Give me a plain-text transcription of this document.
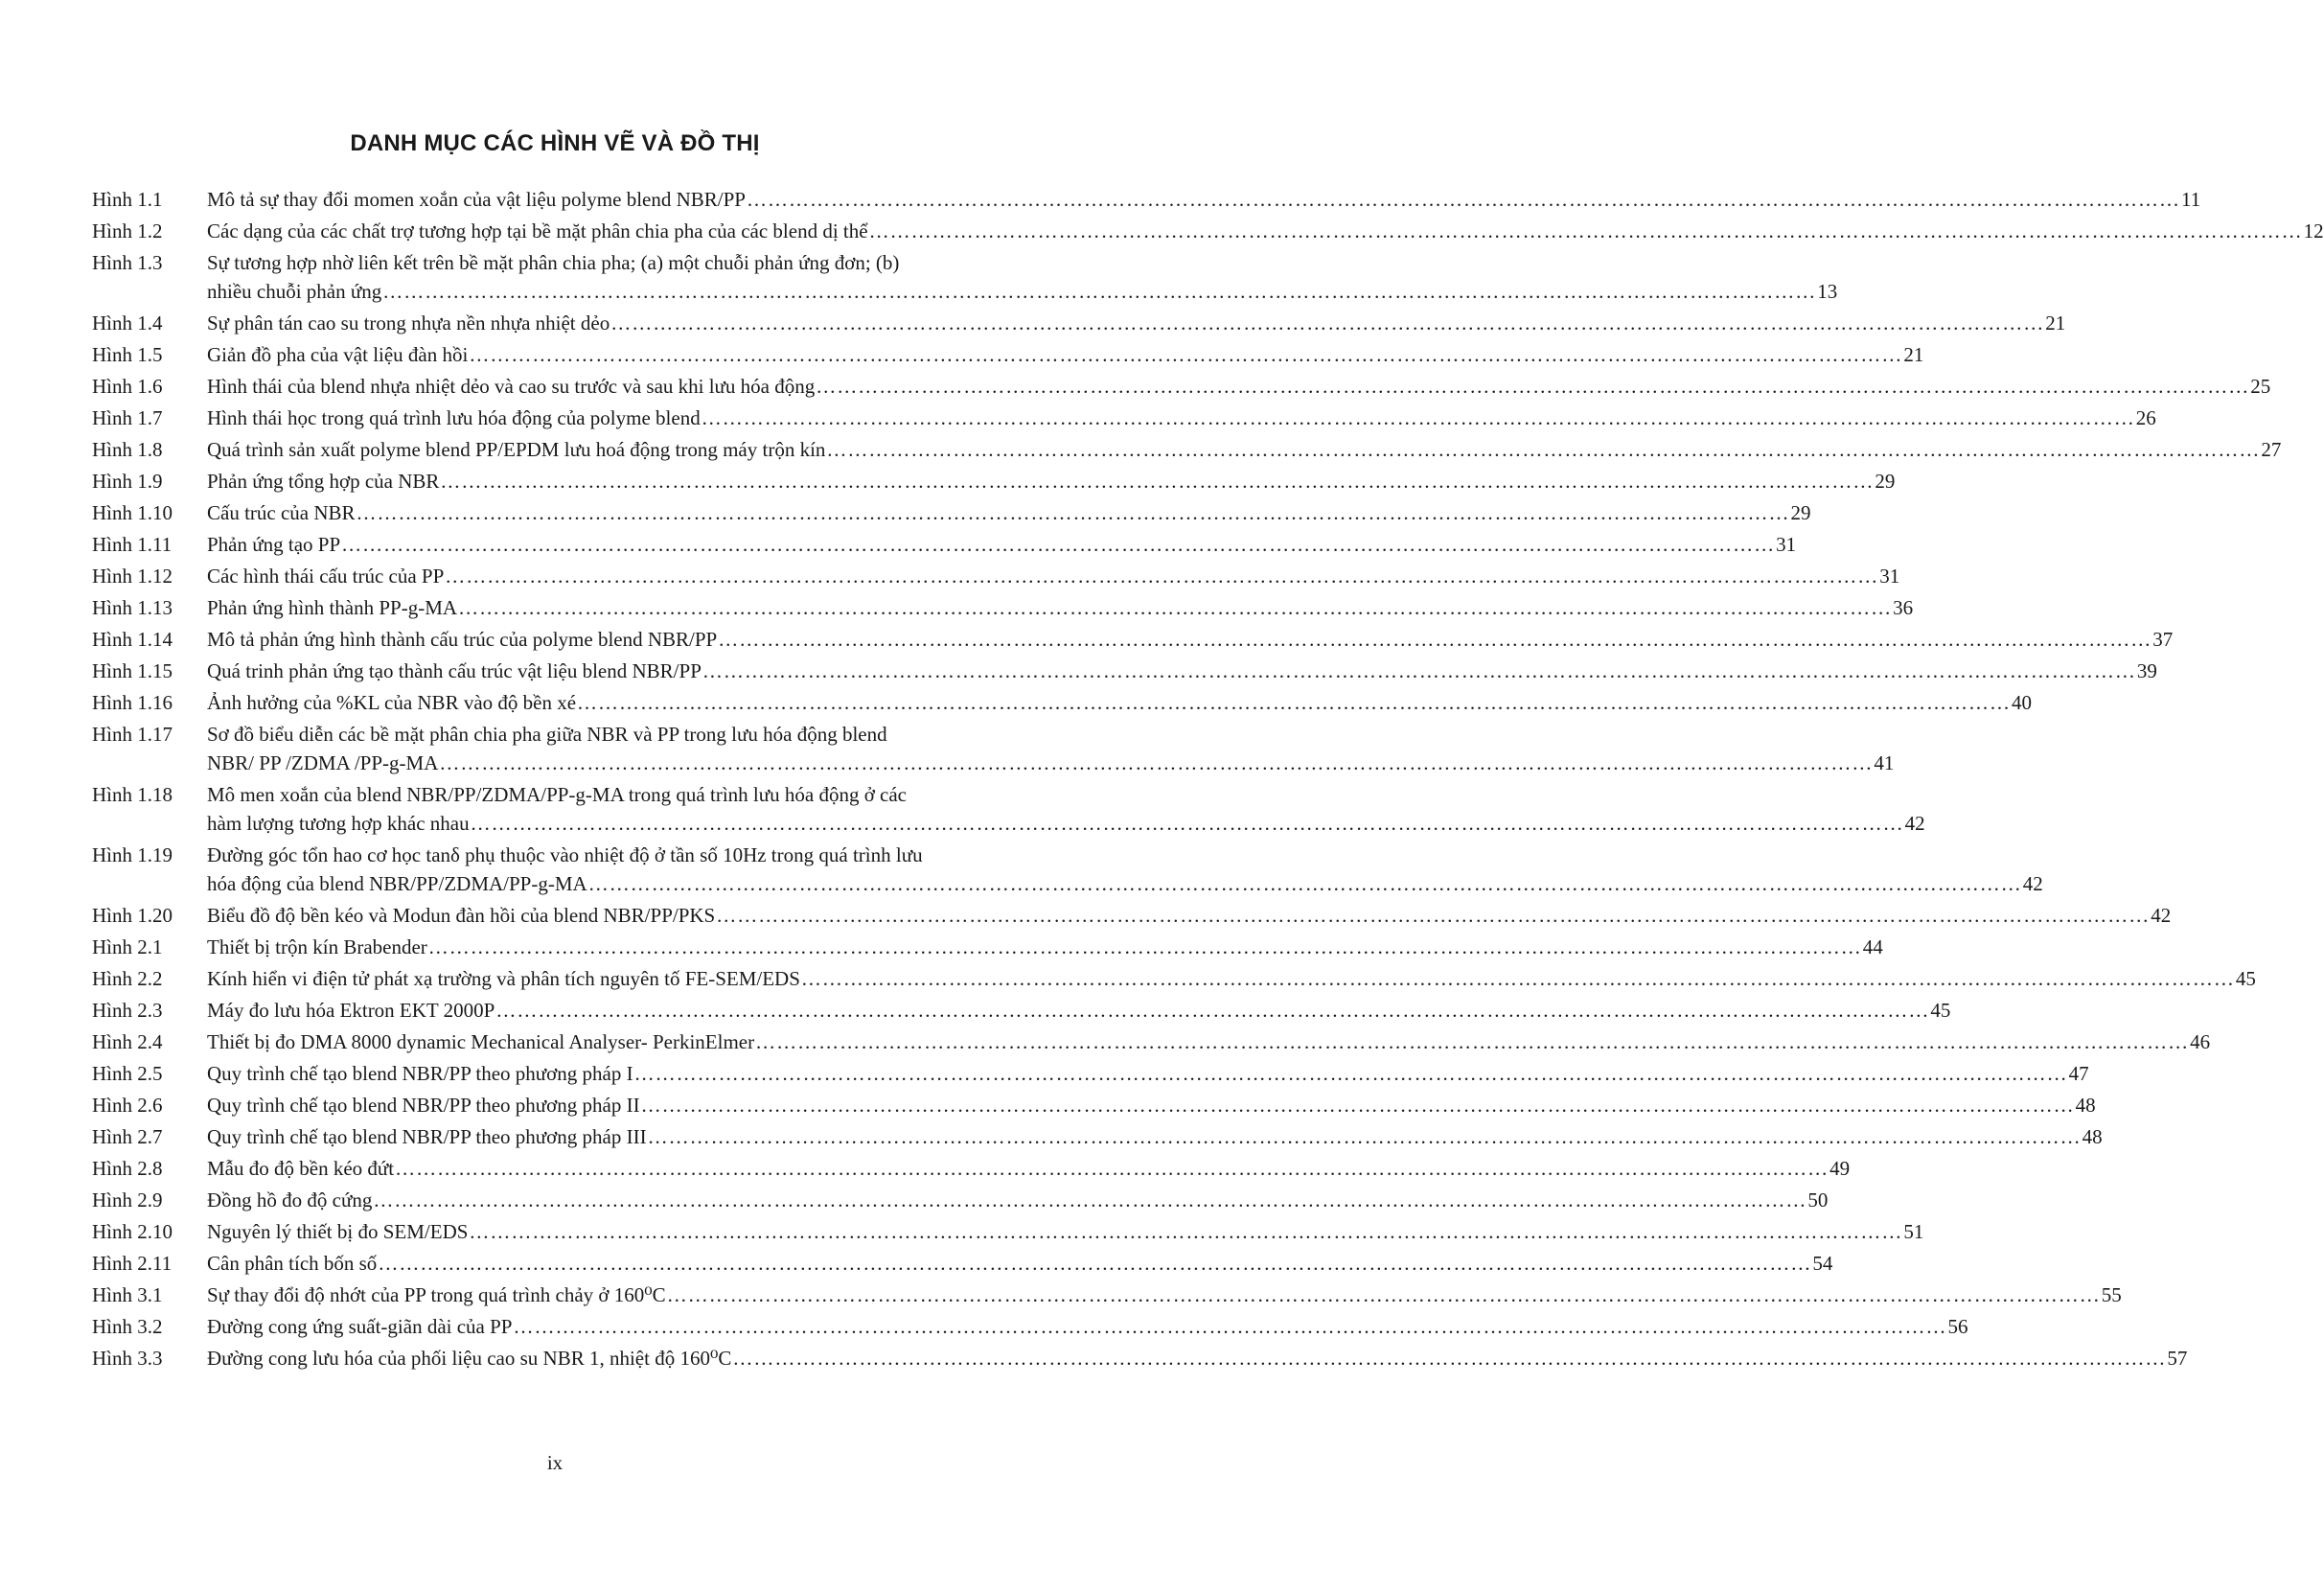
DANH MỤC CÁC HÌNH VẼ VÀ ĐỒ THỊ
Hình 1.1	Mô tả sự thay đổi momen xoắn của vật liệu polyme blend NBR/PP ……………………………………………………………………………………………………………………………………………………………………………………	11
Hình 1.2	Các dạng của các chất trợ tương hợp tại bề mặt phân chia pha của các blend dị thể ……………………………………………………………………………………………………………………………………………………………………………………	12
Hình 1.3	Sự tương hợp nhờ liên kết trên bề mặt phân chia pha; (a) một chuỗi phản ứng đơn; (b)
nhiều chuỗi phản ứng ……………………………………………………………………………………………………………………………………………………………………………………	13
Hình 1.4	Sự phân tán cao su trong nhựa nền nhựa nhiệt dẻo ……………………………………………………………………………………………………………………………………………………………………………………	21
Hình 1.5	Giản đồ pha của vật liệu đàn hồi ……………………………………………………………………………………………………………………………………………………………………………………	21
Hình 1.6	Hình thái của blend nhựa nhiệt dẻo và cao su trước và sau khi lưu hóa động ……………………………………………………………………………………………………………………………………………………………………………………	25
Hình 1.7	Hình thái học trong quá trình lưu hóa động của polyme blend ……………………………………………………………………………………………………………………………………………………………………………………	26
Hình 1.8	Quá trình sản xuất polyme blend PP/EPDM lưu hoá động trong máy trộn kín ……………………………………………………………………………………………………………………………………………………………………………………	27
Hình 1.9	Phản ứng tổng hợp của NBR ……………………………………………………………………………………………………………………………………………………………………………………	29
Hình 1.10	Cấu trúc của NBR ……………………………………………………………………………………………………………………………………………………………………………………	29
Hình 1.11	Phản ứng tạo PP ……………………………………………………………………………………………………………………………………………………………………………………	31
Hình 1.12	Các hình thái cấu trúc của PP ……………………………………………………………………………………………………………………………………………………………………………………	31
Hình 1.13	Phản ứng hình thành PP-g-MA ……………………………………………………………………………………………………………………………………………………………………………………	36
Hình 1.14	Mô tả phản ứng hình thành cấu trúc của polyme blend NBR/PP ……………………………………………………………………………………………………………………………………………………………………………………	37
Hình 1.15	Quá trinh phản ứng tạo thành cấu trúc vật liệu blend NBR/PP ……………………………………………………………………………………………………………………………………………………………………………………	39
Hình 1.16	Ảnh hưởng của %KL của NBR vào độ bền xé ……………………………………………………………………………………………………………………………………………………………………………………	40
Hình 1.17	Sơ đồ biểu diễn các bề mặt phân chia pha giữa NBR và PP trong lưu hóa động blend
NBR/ PP /ZDMA /PP-g-MA ……………………………………………………………………………………………………………………………………………………………………………………	41
Hình 1.18	Mô men xoắn của blend NBR/PP/ZDMA/PP-g-MA trong quá trình lưu hóa động ở các
hàm lượng tương hợp khác nhau ……………………………………………………………………………………………………………………………………………………………………………………	42
Hình 1.19	Đường góc tổn hao cơ học tanδ phụ thuộc vào nhiệt độ ở tần số 10Hz trong quá trình lưu
hóa động của blend NBR/PP/ZDMA/PP-g-MA ……………………………………………………………………………………………………………………………………………………………………………………	42
Hình 1.20	Biểu đồ độ bền kéo và Modun đàn hồi của blend NBR/PP/PKS ……………………………………………………………………………………………………………………………………………………………………………………	42
Hình 2.1	Thiết bị trộn kín Brabender ……………………………………………………………………………………………………………………………………………………………………………………	44
Hình 2.2	Kính hiển vi điện tử phát xạ trường và phân tích nguyên tố FE-SEM/EDS ……………………………………………………………………………………………………………………………………………………………………………………	45
Hình 2.3	Máy đo lưu hóa Ektron EKT 2000P ……………………………………………………………………………………………………………………………………………………………………………………	45
Hình 2.4	Thiết bị đo DMA 8000 dynamic Mechanical Analyser- PerkinElmer ……………………………………………………………………………………………………………………………………………………………………………………	46
Hình 2.5	Quy trình chế tạo blend NBR/PP theo phương pháp I ……………………………………………………………………………………………………………………………………………………………………………………	47
Hình 2.6	Quy trình chế tạo blend NBR/PP theo phương pháp II ……………………………………………………………………………………………………………………………………………………………………………………	48
Hình 2.7	Quy trình chế tạo blend NBR/PP theo phương pháp III ……………………………………………………………………………………………………………………………………………………………………………………	48
Hình 2.8	Mẫu đo độ bền kéo đứt ……………………………………………………………………………………………………………………………………………………………………………………	49
Hình 2.9	Đồng hồ đo độ cứng ……………………………………………………………………………………………………………………………………………………………………………………	50
Hình 2.10	Nguyên lý thiết bị đo SEM/EDS ……………………………………………………………………………………………………………………………………………………………………………………	51
Hình 2.11	Cân phân tích bốn số ……………………………………………………………………………………………………………………………………………………………………………………	54
Hình 3.1	Sự thay đổi độ nhớt của PP trong quá trình chảy ở 160⁰C ……………………………………………………………………………………………………………………………………………………………………………………	55
Hình 3.2	Đường cong ứng suất-giãn dài của PP ……………………………………………………………………………………………………………………………………………………………………………………	56
Hình 3.3	Đường cong lưu hóa của phối liệu cao su NBR 1, nhiệt độ 160⁰C ……………………………………………………………………………………………………………………………………………………………………………………	57
ix
